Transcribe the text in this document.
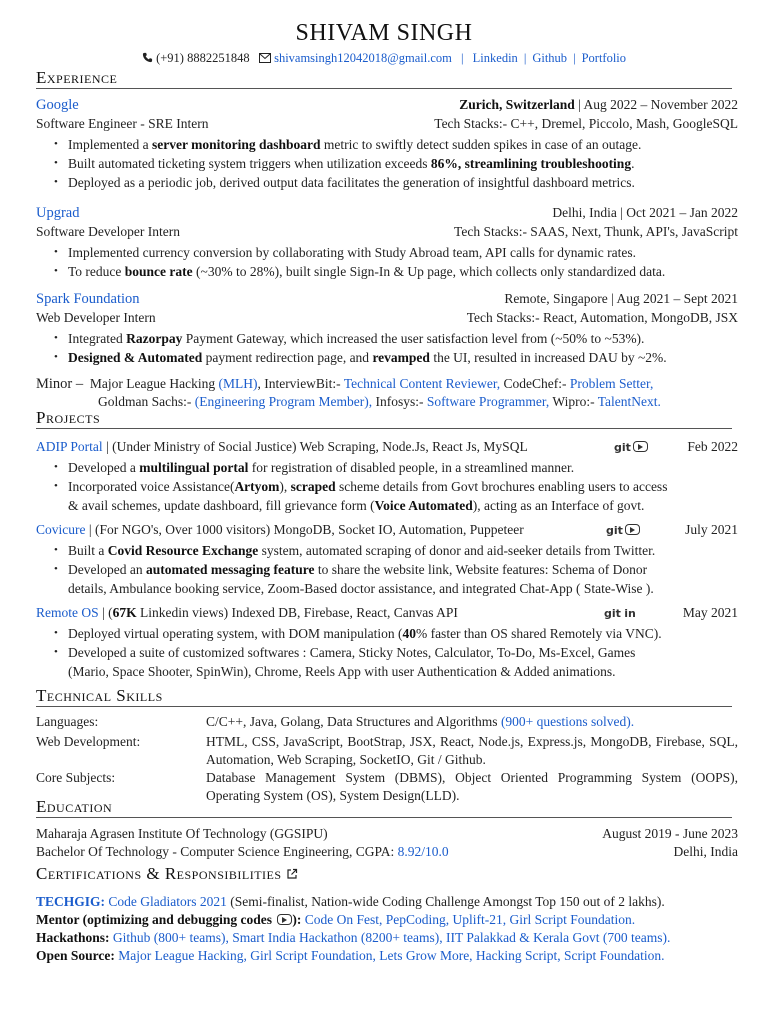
SHIVAM SINGH
(+91) 8882251848 shivamsingh12042018@gmail.com | Linkedin | Github | Portfolio
Experience
Google	Zurich, Switzerland | Aug 2022 – November 2022
Software Engineer - SRE Intern	Tech Stacks:- C++, Dremel, Piccolo, Mash, GoogleSQL
• Implemented a server monitoring dashboard metric to swiftly detect sudden spikes in case of an outage.
• Built automated ticketing system triggers when utilization exceeds 86%, streamlining troubleshooting.
• Deployed as a periodic job, derived output data facilitates the generation of insightful dashboard metrics.
Upgrad	Delhi, India | Oct 2021 – Jan 2022
Software Developer Intern	Tech Stacks:- SAAS, Next, Thunk, API's, JavaScript
• Implemented currency conversion by collaborating with Study Abroad team, API calls for dynamic rates.
• To reduce bounce rate (~30% to 28%), built single Sign-In & Up page, which collects only standardized data.
Spark Foundation	Remote, Singapore | Aug 2021 – Sept 2021
Web Developer Intern	Tech Stacks:- React, Automation, MongoDB, JSX
• Integrated Razorpay Payment Gateway, which increased the user satisfaction level from (~50% to ~53%).
• Designed & Automated payment redirection page, and revamped the UI, resulted in increased DAU by ~2%.
Minor – Major League Hacking (MLH), InterviewBit:- Technical Content Reviewer, CodeChef:- Problem Setter,
Goldman Sachs:- (Engineering Program Member), Infosys:- Software Programmer, Wipro:- TalentNext.
Projects
ADIP Portal | (Under Ministry of Social Justice) Web Scraping, Node.Js, React Js, MySQL	git	Feb 2022
• Developed a multilingual portal for registration of disabled people, in a streamlined manner.
• Incorporated voice Assistance(Artyom), scraped scheme details from Govt brochures enabling users to access
& avail schemes, update dashboard, fill grievance form (Voice Automated), acting as an Interface of govt.
Covicure | (For NGO's, Over 1000 visitors) MongoDB, Socket IO, Automation, Puppeteer	git	July 2021
• Built a Covid Resource Exchange system, automated scraping of donor and aid-seeker details from Twitter.
• Developed an automated messaging feature to share the website link, Website features: Schema of Donor
details, Ambulance booking service, Zoom-Based doctor assistance, and integrated Chat-App ( State-Wise ).
Remote OS | (67K Linkedin views) Indexed DB, Firebase, React, Canvas API	git in	May 2021
• Deployed virtual operating system, with DOM manipulation (40% faster than OS shared Remotely via VNC).
• Developed a suite of customized softwares : Camera, Sticky Notes, Calculator, To-Do, Ms-Excel, Games
(Mario, Space Shooter, SpinWin), Chrome, Reels App with user Authentication & Added animations.
Technical Skills
Languages:	C/C++, Java, Golang, Data Structures and Algorithms (900+ questions solved).
Web Development:	HTML, CSS, JavaScript, BootStrap, JSX, React, Node.js, Express.js, MongoDB, Firebase, SQL, Automation, Web Scraping, SocketIO, Git / Github.
Core Subjects:	Database Management System (DBMS), Object Oriented Programming System (OOPS), Operating System (OS), System Design(LLD).
Education
Maharaja Agrasen Institute Of Technology (GGSIPU)	August 2019 - June 2023
Bachelor Of Technology - Computer Science Engineering, CGPA: 8.92/10.0	Delhi, India
Certifications & Responsibilities
TECHGIG: Code Gladiators 2021 (Semi-finalist, Nation-wide Coding Challenge Amongst Top 150 out of 2 lakhs).
Mentor (optimizing and debugging codes ): Code On Fest, PepCoding, Uplift-21, Girl Script Foundation.
Hackathons: Github (800+ teams), Smart India Hackathon (8200+ teams), IIT Palakkad & Kerala Govt (700 teams).
Open Source: Major League Hacking, Girl Script Foundation, Lets Grow More, Hacking Script, Script Foundation.
